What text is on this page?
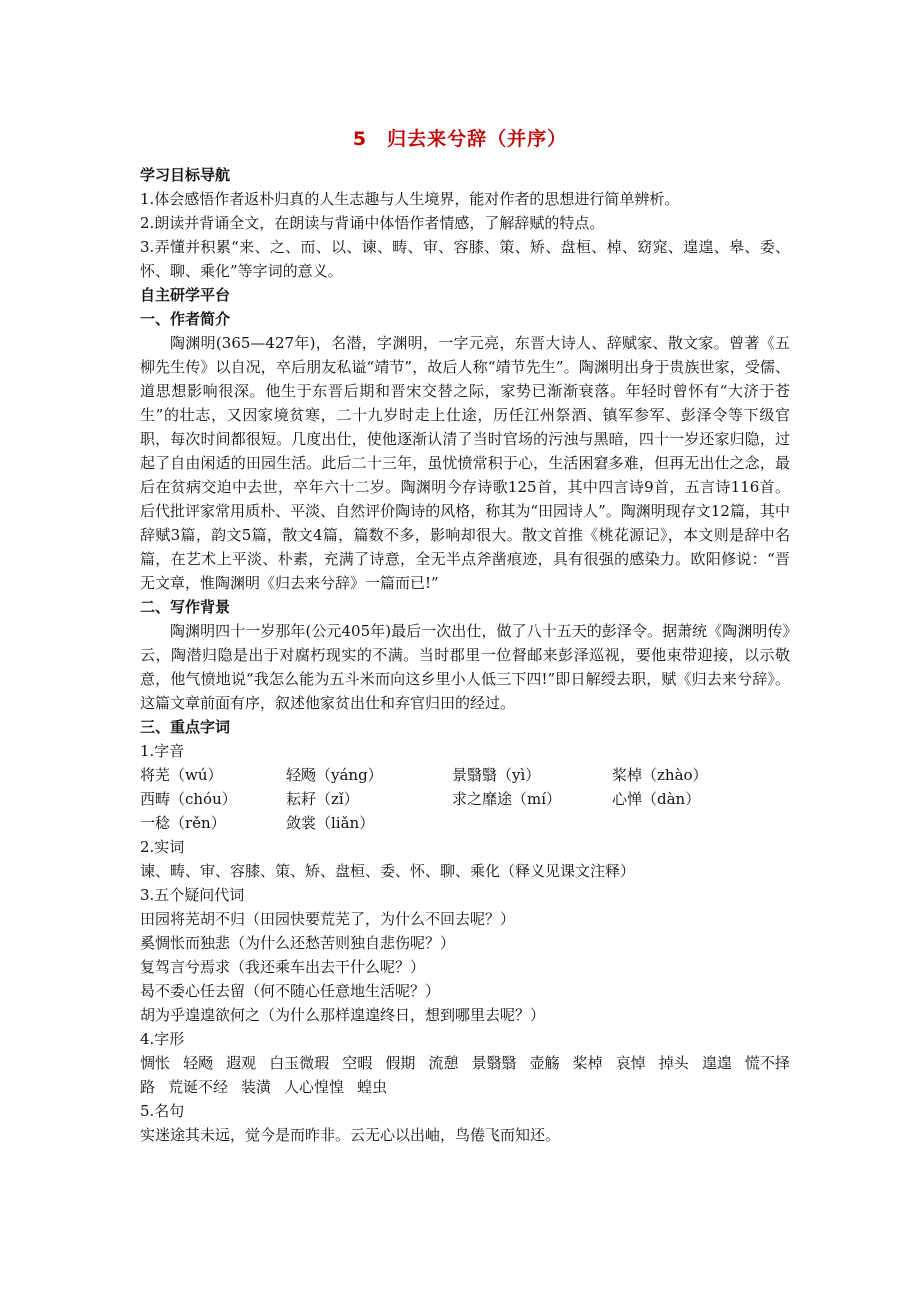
5　归去来兮辞（并序）

学习目标导航

1.体会感悟作者返朴归真的人生志趣与人生境界，能对作者的思想进行简单辨析。

2.朗读并背诵全文，在朗读与背诵中体悟作者情感，了解辞赋的特点。

3.弄懂并积累“来、之、而、以、谏、畴、审、容膝、策、矫、盘桓、棹、窈窕、遑遑、皋、委、怀、聊、乘化”等字词的意义。

自主研学平台

一、作者简介

陶渊明(365—427年)，名潜，字渊明，一字元亮，东晋大诗人、辞赋家、散文家。曾著《五柳先生传》以自况，卒后朋友私谥“靖节”，故后人称“靖节先生”。陶渊明出身于贵族世家，受儒、道思想影响很深。他生于东晋后期和晋宋交替之际，家势已渐渐衰落。年轻时曾怀有“大济于苍生”的壮志，又因家境贫寒，二十九岁时走上仕途，历任江州祭酒、镇军参军、彭泽令等下级官职，每次时间都很短。几度出仕，使他逐渐认清了当时官场的污浊与黑暗，四十一岁还家归隐，过起了自由闲适的田园生活。此后二十三年，虽忧愤常积于心，生活困窘多难，但再无出仕之念，最后在贫病交迫中去世，卒年六十二岁。陶渊明今存诗歌125首，其中四言诗9首，五言诗116首。后代批评家常用质朴、平淡、自然评价陶诗的风格，称其为“田园诗人”。陶渊明现存文12篇，其中辞赋3篇，韵文5篇，散文4篇，篇数不多，影响却很大。散文首推《桃花源记》，本文则是辞中名篇，在艺术上平淡、朴素，充满了诗意，全无半点斧凿痕迹，具有很强的感染力。欧阳修说：“晋无文章，惟陶渊明《归去来兮辞》一篇而已!”

二、写作背景

陶渊明四十一岁那年(公元405年)最后一次出仕，做了八十五天的彭泽令。据萧统《陶渊明传》云，陶潜归隐是出于对腐朽现实的不满。当时郡里一位督邮来彭泽巡视，要他束带迎接，以示敬意，他气愤地说“我怎么能为五斗米而向这乡里小人低三下四!”即日解绶去职，赋《归去来兮辞》。这篇文章前面有序，叙述他家贫出仕和弃官归田的经过。

三、重点字词

1.字音

将芜（wú）	轻飏（yáng）	景翳翳（yì）	桨棹（zhào）
西畴（chóu）	耘耔（zǐ）	求之靡途（mí）	心惮（dàn）
一稔（rěn）	敛裳（liǎn）

2.实词

谏、畴、审、容膝、策、矫、盘桓、委、怀、聊、乘化（释义见课文注释）

3.五个疑问代词

田园将芜胡不归（田园快要荒芜了，为什么不回去呢？）

奚惆怅而独悲（为什么还愁苦则独自悲伤呢？）

复驾言兮焉求（我还乘车出去干什么呢？）

曷不委心任去留（何不随心任意地生活呢？）

胡为乎遑遑欲何之（为什么那样遑遑终日，想到哪里去呢？）

4.字形

惆怅 轻飏 遐观 白玉微瑕 空暇 假期 流憩 景翳翳 壶觞 桨棹 哀悼 掉头 遑遑 慌不择路 荒诞不经 装潢 人心惶惶 蝗虫

5.名句

实迷途其未远，觉今是而昨非。云无心以出岫，鸟倦飞而知还。
